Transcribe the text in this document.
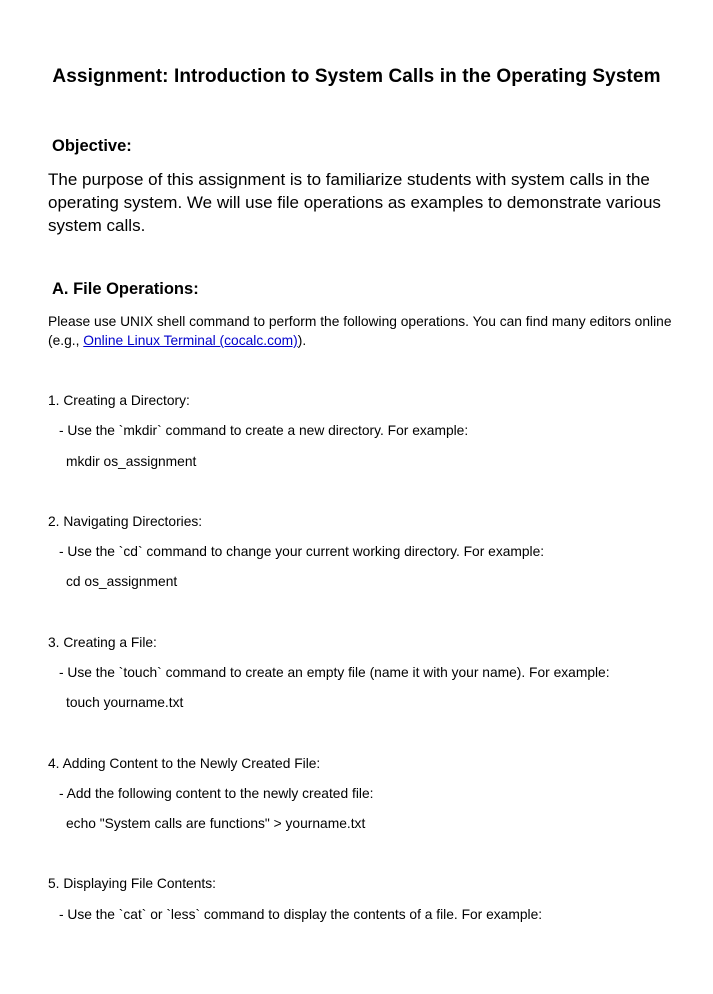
Assignment: Introduction to System Calls in the Operating System
Objective:
The purpose of this assignment is to familiarize students with system calls in the operating system. We will use file operations as examples to demonstrate various system calls.
A. File Operations:
Please use UNIX shell command to perform the following operations. You can find many editors online (e.g., Online Linux Terminal (cocalc.com)).
1. Creating a Directory:
- Use the `mkdir` command to create a new directory. For example:
mkdir os_assignment
2. Navigating Directories:
- Use the `cd` command to change your current working directory. For example:
cd os_assignment
3. Creating a File:
- Use the `touch` command to create an empty file (name it with your name). For example:
touch yourname.txt
4. Adding Content to the Newly Created File:
- Add the following content to the newly created file:
echo "System calls are functions" > yourname.txt
5. Displaying File Contents:
- Use the `cat` or `less` command to display the contents of a file. For example:
